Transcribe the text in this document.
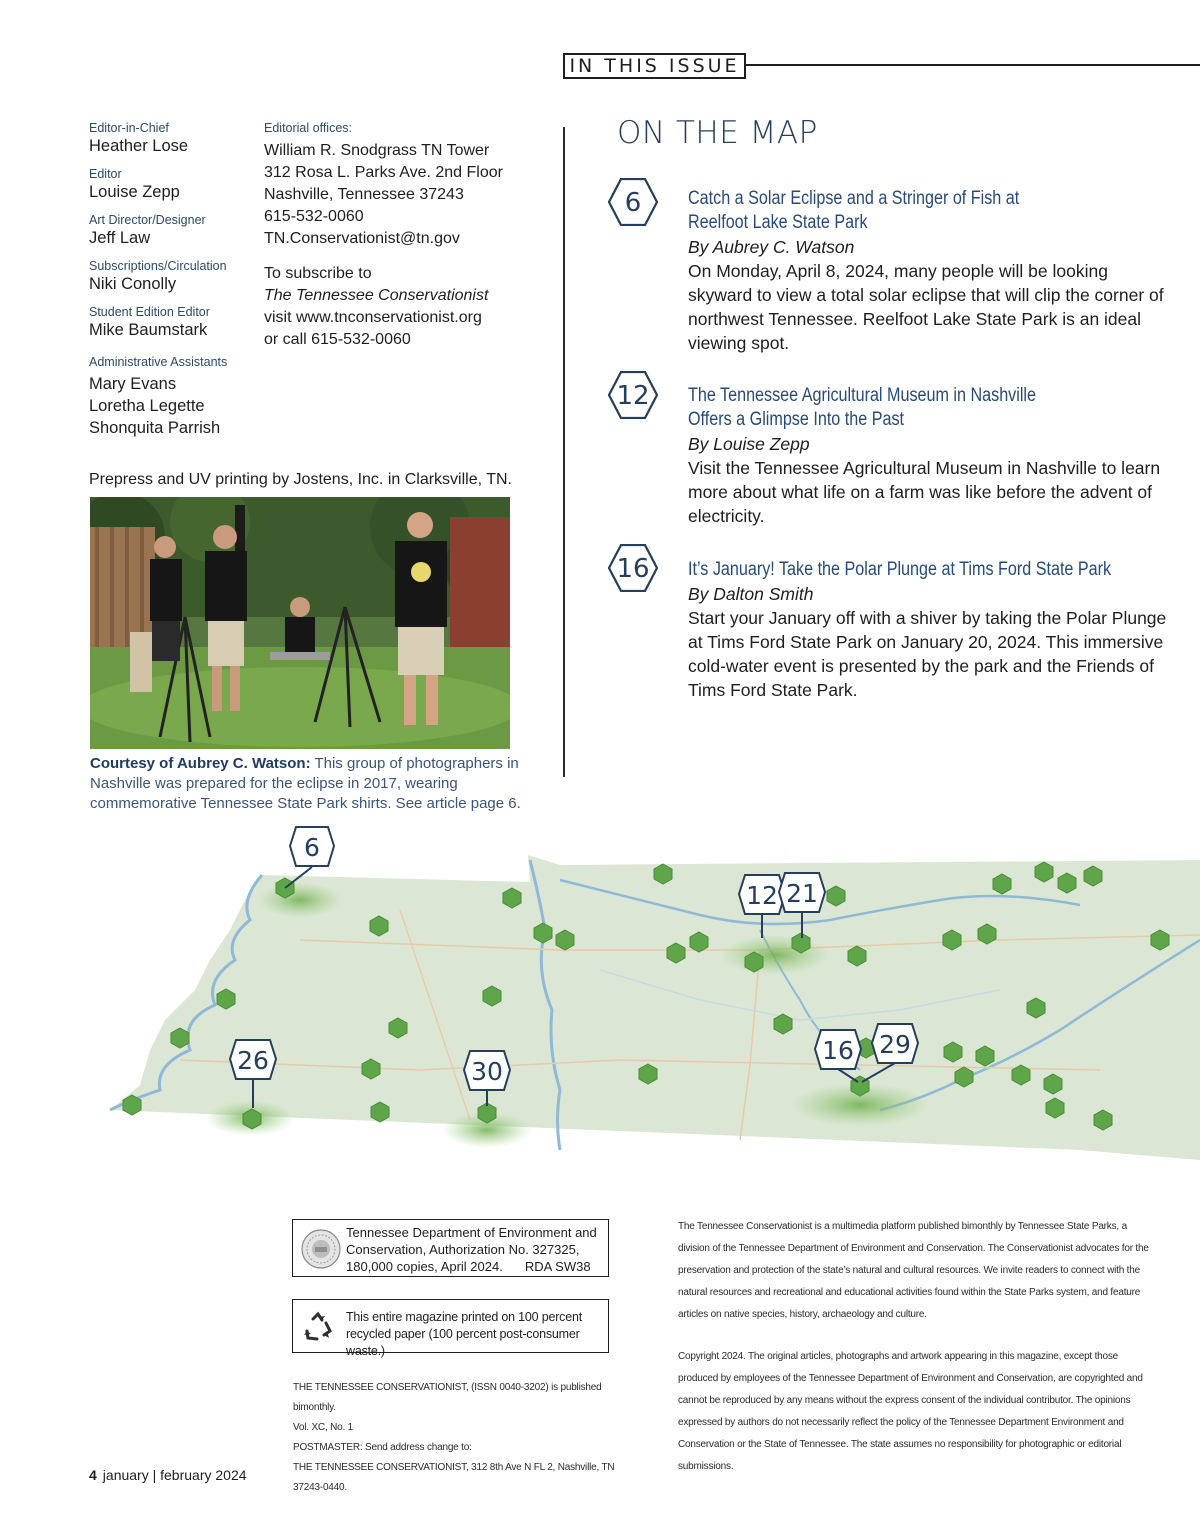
IN THIS ISSUE
Editor-in-Chief
Heather Lose
Editor
Louise Zepp
Art Director/Designer
Jeff Law
Subscriptions/Circulation
Niki Conolly
Student Edition Editor
Mike Baumstark
Administrative Assistants
Mary Evans
Loretha Legette
Shonquita Parrish
Editorial offices:
William R. Snodgrass TN Tower
312 Rosa L. Parks Ave. 2nd Floor
Nashville, Tennessee 37243
615-532-0060
TN.Conservationist@tn.gov
To subscribe to
The Tennessee Conservationist
visit www.tnconservationist.org
or call 615-532-0060
Prepress and UV printing by Jostens, Inc. in Clarksville, TN.
Courtesy of Aubrey C. Watson: This group of photographers in Nashville was prepared for the eclipse in 2017, wearing commemorative Tennessee State Park shirts. See article page 6.
ON THE MAP
6 Catch a Solar Eclipse and a Stringer of Fish at
Reelfoot Lake State Park
By Aubrey C. Watson
On Monday, April 8, 2024, many people will be looking skyward to view a total solar eclipse that will clip the corner of northwest Tennessee. Reelfoot Lake State Park is an ideal viewing spot.
12 The Tennessee Agricultural Museum in Nashville
Offers a Glimpse Into the Past
By Louise Zepp
Visit the Tennessee Agricultural Museum in Nashville to learn more about what life on a farm was like before the advent of electricity.
16 It’s January! Take the Polar Plunge at Tims Ford State Park
By Dalton Smith
Start your January off with a shiver by taking the Polar Plunge at Tims Ford State Park on January 20, 2024. This immersive cold-water event is presented by the park and the Friends of Tims Ford State Park.
6
12 21
26	30
16 29
Tennessee Department of Environment and
Conservation, Authorization No. 327325,
180,000 copies, April 2024. RDA SW38
This entire magazine printed on 100 percent
recycled paper (100 percent post-consumer waste.)
THE TENNESSEE CONSERVATIONIST, (ISSN 0040-3202) is published bimonthly.
Vol. XC, No. 1
POSTMASTER: Send address change to:
THE TENNESSEE CONSERVATIONIST, 312 8th Ave N FL 2, Nashville, TN 37243-0440.

The Tennessee Conservationist is a multimedia platform published bimonthly by Tennessee State Parks, a division of the Tennessee Department of Environment and Conservation. The Conservationist advocates for the preservation and protection of the state’s natural and cultural resources. We invite readers to connect with the natural resources and recreational and educational activities found within the State Parks system, and feature articles on native species, history, archaeology and culture.

Copyright 2024. The original articles, photographs and artwork appearing in this magazine, except those produced by employees of the Tennessee Department of Environment and Conservation, are copyrighted and cannot be reproduced by any means without the express consent of the individual contributor. The opinions expressed by authors do not necessarily reflect the policy of the Tennessee Department Environment and Conservation or the State of Tennessee. The state assumes no responsibility for photographic or editorial submissions.

4 january | february 2024
